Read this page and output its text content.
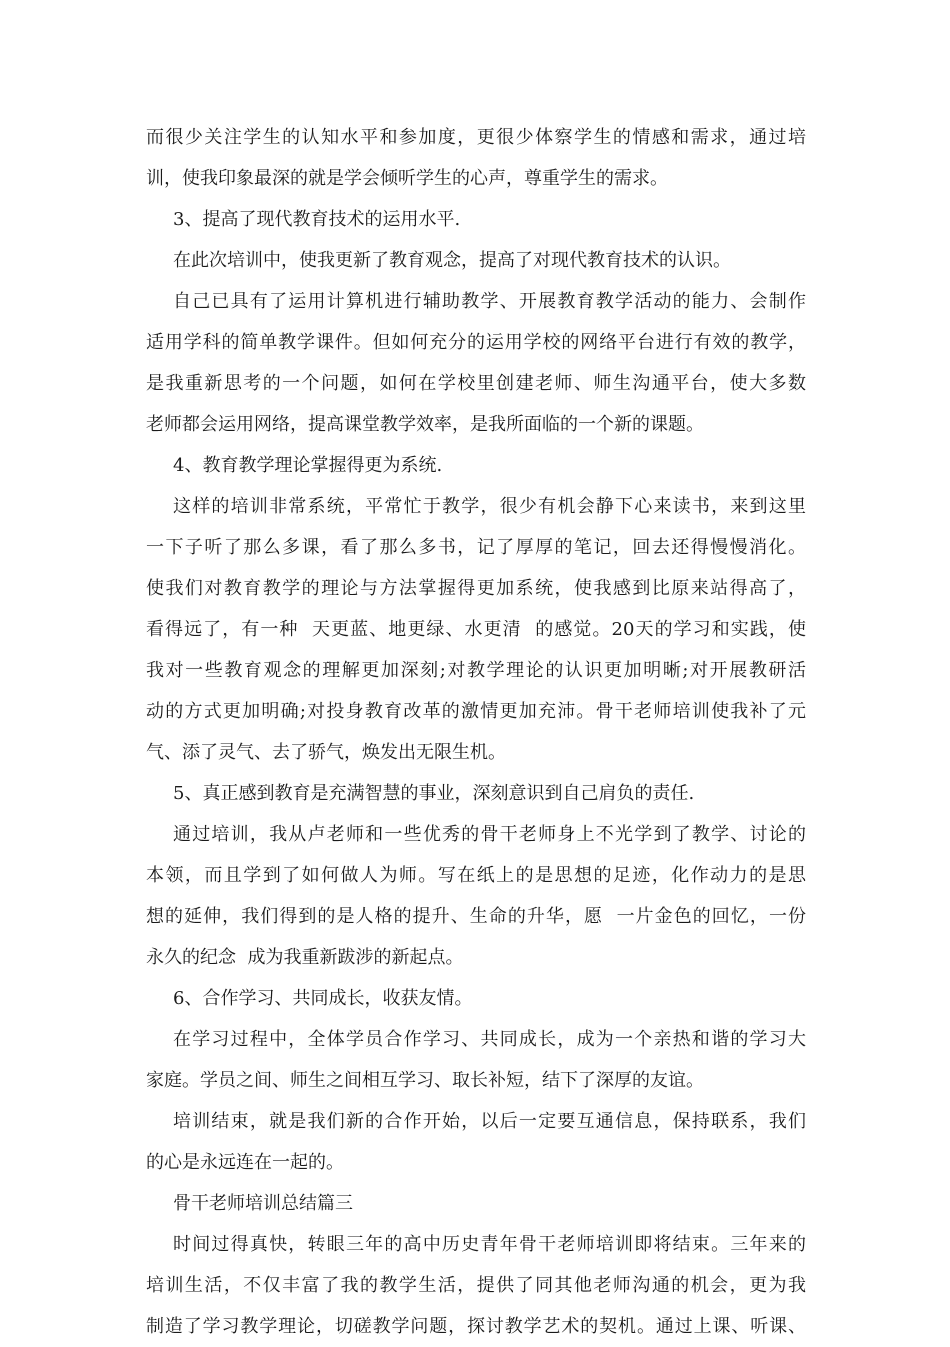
而很少关注学生的认知水平和参加度，更很少体察学生的情感和需求，通过培
训，使我印象最深的就是学会倾听学生的心声，尊重学生的需求。
3、提高了现代教育技术的运用水平.
在此次培训中，使我更新了教育观念，提高了对现代教育技术的认识。
自己已具有了运用计算机进行辅助教学、开展教育教学活动的能力、会制作
适用学科的简单教学课件。但如何充分的运用学校的网络平台进行有效的教学，
是我重新思考的一个问题，如何在学校里创建老师、师生沟通平台，使大多数
老师都会运用网络，提高课堂教学效率，是我所面临的一个新的课题。
4、教育教学理论掌握得更为系统.
这样的培训非常系统，平常忙于教学，很少有机会静下心来读书，来到这里
一下子听了那么多课，看了那么多书，记了厚厚的笔记，回去还得慢慢消化。
使我们对教育教学的理论与方法掌握得更加系统，使我感到比原来站得高了，
看得远了，有一种  天更蓝、地更绿、水更清  的感觉。20天的学习和实践，使
我对一些教育观念的理解更加深刻;对教学理论的认识更加明晰;对开展教研活
动的方式更加明确;对投身教育改革的激情更加充沛。骨干老师培训使我补了元
气、添了灵气、去了骄气，焕发出无限生机。
5、真正感到教育是充满智慧的事业，深刻意识到自己肩负的责任.
通过培训，我从卢老师和一些优秀的骨干老师身上不光学到了教学、讨论的
本领，而且学到了如何做人为师。写在纸上的是思想的足迹，化作动力的是思
想的延伸，我们得到的是人格的提升、生命的升华，愿  一片金色的回忆，一份
永久的纪念  成为我重新跋涉的新起点。
6、合作学习、共同成长，收获友情。
在学习过程中，全体学员合作学习、共同成长，成为一个亲热和谐的学习大
家庭。学员之间、师生之间相互学习、取长补短，结下了深厚的友谊。
培训结束，就是我们新的合作开始，以后一定要互通信息，保持联系，我们
的心是永远连在一起的。
骨干老师培训总结篇三
时间过得真快，转眼三年的高中历史青年骨干老师培训即将结束。三年来的
培训生活，不仅丰富了我的教学生活，提供了同其他老师沟通的机会，更为我
制造了学习教学理论，切磋教学问题，探讨教学艺术的契机。通过上课、听课、
